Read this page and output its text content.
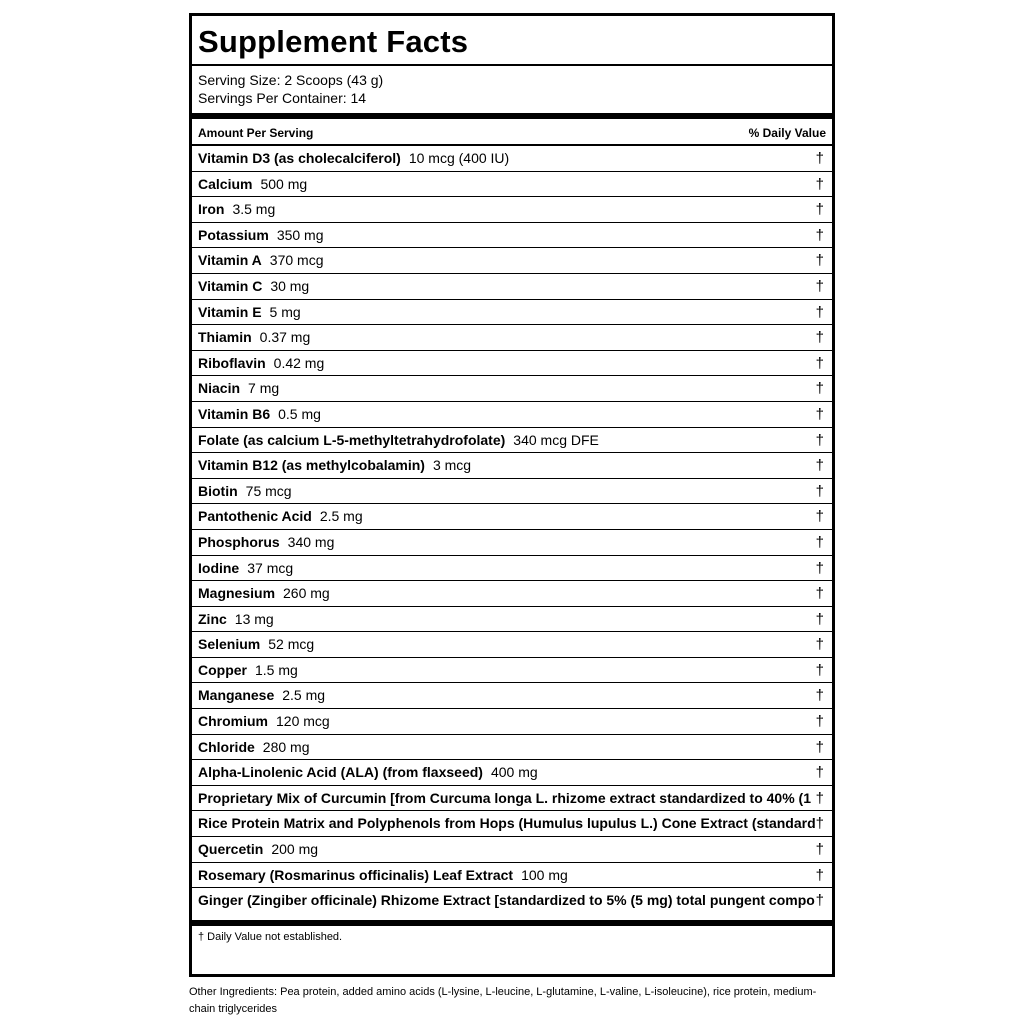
Supplement Facts
Serving Size: 2 Scoops (43 g)
Servings Per Container: 14
Amount Per Serving	% Daily Value
Vitamin D3 (as cholecalciferol) 10 mcg (400 IU)	†
Calcium 500 mg	†
Iron 3.5 mg	†
Potassium 350 mg	†
Vitamin A 370 mcg	†
Vitamin C 30 mg	†
Vitamin E 5 mg	†
Thiamin 0.37 mg	†
Riboflavin 0.42 mg	†
Niacin 7 mg	†
Vitamin B6 0.5 mg	†
Folate (as calcium L-5-methyltetrahydrofolate) 340 mcg DFE	†
Vitamin B12 (as methylcobalamin) 3 mcg	†
Biotin 75 mcg	†
Pantothenic Acid 2.5 mg	†
Phosphorus 340 mg	†
Iodine 37 mcg	†
Magnesium 260 mg	†
Zinc 13 mg	†
Selenium 52 mcg	†
Copper 1.5 mg	†
Manganese 2.5 mg	†
Chromium 120 mcg	†
Chloride 280 mg	†
Alpha-Linolenic Acid (ALA) (from flaxseed) 400 mg	†
Proprietary Mix of Curcumin [from Curcuma longa L. rhizome extract standardized to 40% (1 †
Rice Protein Matrix and Polyphenols from Hops (Humulus lupulus L.) Cone Extract (standard †
Quercetin 200 mg	†
Rosemary (Rosmarinus officinalis) Leaf Extract 100 mg	†
Ginger (Zingiber officinale) Rhizome Extract [standardized to 5% (5 mg) total pungent compo †
† Daily Value not established.
Other Ingredients: Pea protein, added amino acids (L-lysine, L-leucine, L-glutamine, L-valine, L-isoleucine), rice protein, medium-chain triglycerides
